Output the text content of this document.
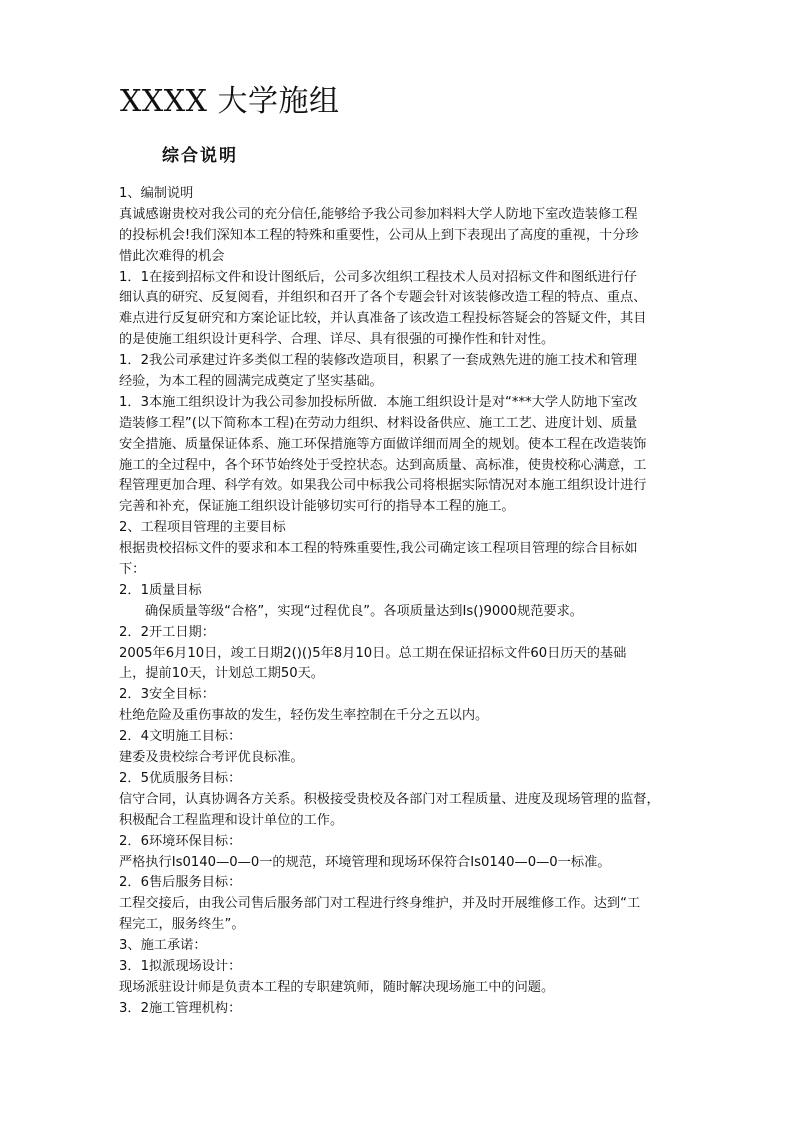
XXXX 大学施组
综合说明
1、编制说明
真诚感谢贵校对我公司的充分信任,能够给予我公司参加料料大学人防地下室改造装修工程
的投标机会!我们深知本工程的特殊和重要性，公司从上到下表现出了高度的重视，十分珍
惜此次难得的机会
1．1在接到招标文件和设计图纸后，公司多次组织工程技术人员对招标文件和图纸进行仔
细认真的研究、反复阅看，并组织和召开了各个专题会针对该装修改造工程的特点、重点、
难点进行反复研究和方案论证比较，并认真准备了该改造工程投标答疑会的答疑文件，其目
的是使施工组织设计更科学、合理、详尽、具有很强的可操作性和针对性。
1．2我公司承建过许多类似工程的装修改造项目，积累了一套成熟先进的施工技术和管理
经验，为本工程的圆满完成奠定了坚实基础。
1．3本施工组织设计为我公司参加投标所做．本施工组织设计是对“***大学人防地下室改
造装修工程”(以下简称本工程)在劳动力组织、材料设备供应、施工工艺、进度计划、质量
安全措施、质量保证体系、施工环保措施等方面做详细而周全的规划。使本工程在改造装饰
施工的全过程中，各个环节始终处于受控状态。达到高质量、高标准，使贵校称心满意，工
程管理更加合理、科学有效。如果我公司中标我公司将根据实际情况对本施工组织设计进行
完善和补充，保证施工组织设计能够切实可行的指导本工程的施工。
2、工程项目管理的主要目标
根据贵校招标文件的要求和本工程的特殊重要性,我公司确定该工程项目管理的综合目标如
下：
2．1质量目标
确保质量等级“合格”，实现“过程优良”。各项质量达到Is()9000规范要求。
2．2开工日期：
2005年6月10日，竣工日期2()()5年8月10日。总工期在保证招标文件60日历天的基础
上，提前10天，计划总工期50天。
2．3安全目标：
杜绝危险及重伤事故的发生，轻伤发生率控制在千分之五以内。
2．4文明施工目标：
建委及贵校综合考评优良标准。
2．5优质服务目标：
信守合同，认真协调各方关系。积极接受贵校及各部门对工程质量、进度及现场管理的监督，
积极配合工程监理和设计单位的工作。
2．6环境环保目标：
严格执行Is0140—0—0一的规范，环境管理和现场环保符合Is0140—0—0一标准。
2．6售后服务目标：
工程交接后，由我公司售后服务部门对工程进行终身维护，并及时开展维修工作。达到“工
程完工，服务终生”。
3、施工承诺：
3．1拟派现场设计：
现场派驻设计师是负责本工程的专职建筑师，随时解决现场施工中的问题。
3．2施工管理机构：
